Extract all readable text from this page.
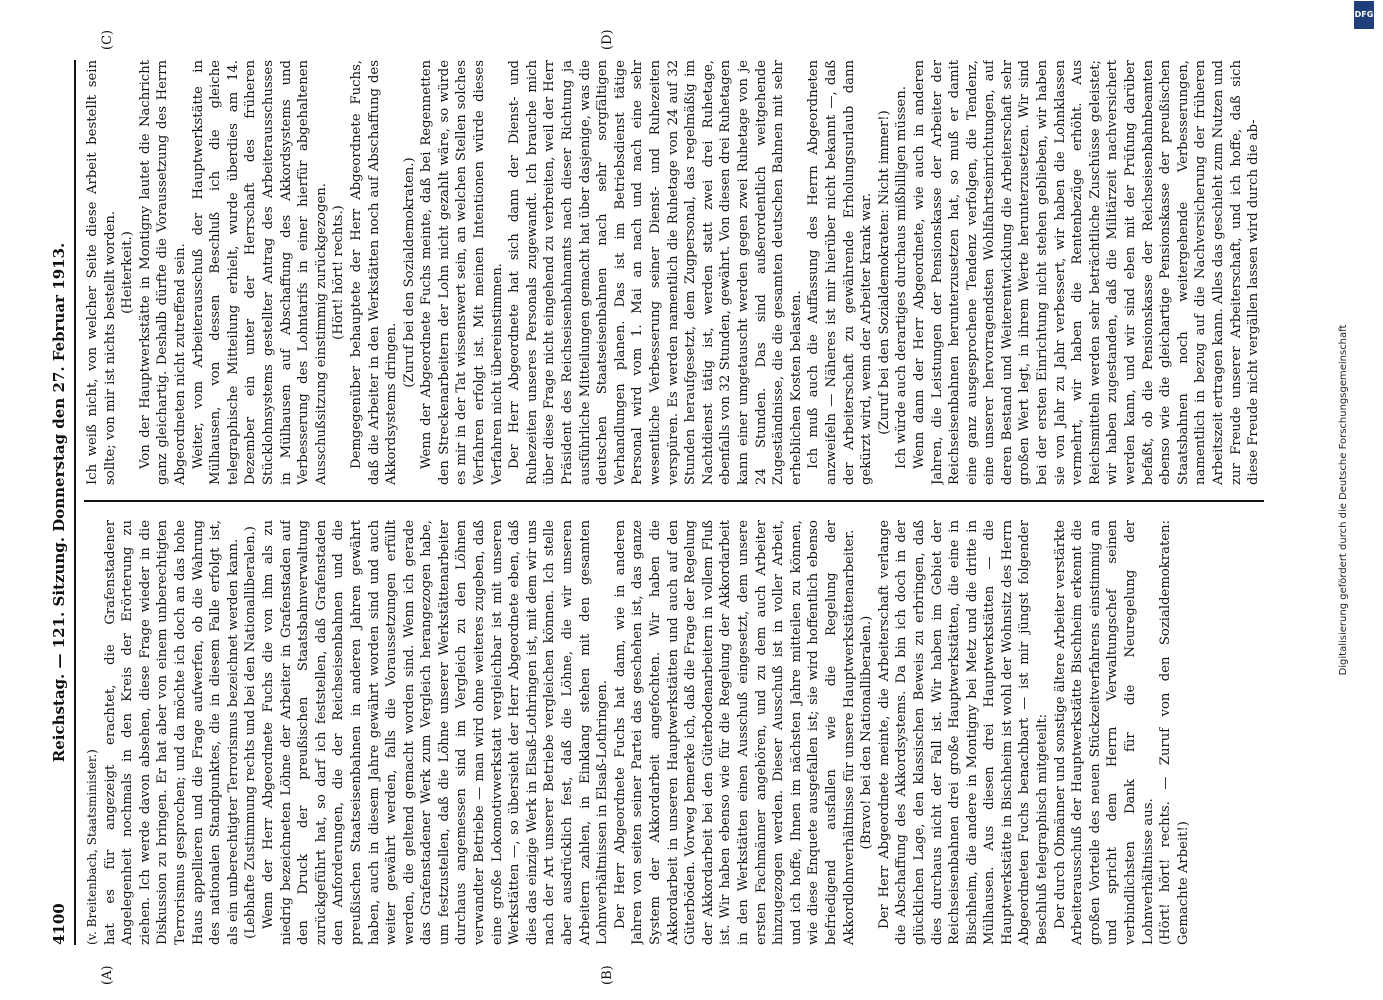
4100
Reichstag. — 121. Sitzung. Donnerstag den 27. Februar 1913.
(A)	(B)
(C)	(D)

(v. Breitenbach, Staatsminister.) hat es für angezeigt erachtet, die Grafenstadener Angelegenheit nochmals in den Kreis der Erörterung zu ziehen. Ich werde davon absehen, diese Frage wieder in die Diskussion zu bringen. Er hat aber von einem unberechtigten Terrorismus gesprochen; und da möchte ich doch an das hohe Haus appellieren und die Frage aufwerfen, ob die Wahrung des nationalen Standpunktes, die in diesem Falle erfolgt ist, als ein unberechtigter Terrorismus bezeichnet werden kann. (Lebhafte Zustimmung rechts und bei den Nationalliberalen.) Wenn der Herr Abgeordnete Fuchs die von ihm als zu niedrig bezeichneten Löhne der Arbeiter in Grafenstaden auf den Druck der preußischen Staatsbahnverwaltung zurückgeführt hat, so darf ich feststellen, daß Grafenstaden den Anforderungen, die der Reichseisenbahnen und die preußischen Staatseisenbahnen in anderen Jahren gewährt haben, auch in diesem Jahre gewährt worden sind und auch weiter gewährt werden, falls die Voraussetzungen erfüllt werden, die geltend gemacht worden sind. Wenn ich gerade das Grafenstadener Werk zum Vergleich herangezogen habe, um festzustellen, daß die Löhne unserer Werkstättenarbeiter durchaus angemessen sind im Vergleich zu den Löhnen verwandter Betriebe — man wird ohne weiteres zugeben, daß eine große Lokomotivwerkstatt vergleichbar ist mit unseren Werkstätten —, so übersieht der Herr Abgeordnete eben, daß dies das einzige Werk in Elsaß-Lothringen ist, mit dem wir uns nach der Art unserer Betriebe vergleichen können. Ich stelle aber ausdrücklich fest, daß die Löhne, die wir unseren Arbeitern zahlen, in Einklang stehen mit den gesamten Lohnverhältnissen in Elsaß-Lothringen. Der Herr Abgeordnete Fuchs hat dann, wie in anderen Jahren von seiten seiner Partei das geschehen ist, das ganze System der Akkordarbeit angefochten. Wir haben die Akkordarbeit in unseren Hauptwerkstätten und auch auf den Güterböden. Vorweg bemerke ich, daß die Frage der Regelung der Akkordarbeit bei den Güterbodenarbeitern in vollem Fluß ist. Wir haben ebenso wie für die Regelung der Akkordarbeit in den Werkstätten einen Ausschuß eingesetzt, dem unsere ersten Fachmänner angehören, und zu dem auch Arbeiter hinzugezogen werden. Dieser Ausschuß ist in voller Arbeit, und ich hoffe, Ihnen im nächsten Jahre mitteilen zu können, wie diese Enquete ausgefallen ist; sie wird hoffentlich ebenso befriedigend ausfallen wie die Regelung der Akkordlohnverhältnisse für unsere Hauptwerkstättenarbeiter. (Bravo! bei den Nationalliberalen.) Der Herr Abgeordnete meinte, die Arbeiterschaft verlange die Abschaffung des Akkordsystems. Da bin ich doch in der glücklichen Lage, den klassischen Beweis zu erbringen, daß dies durchaus nicht der Fall ist. Wir haben im Gebiet der Reichseisenbahnen drei große Hauptwerkstätten, die eine in Bischheim, die andere in Montigny bei Metz und die dritte in Mülhausen. Aus diesen drei Hauptwerkstätten — die Hauptwerkstätte in Bischheim ist wohl der Wohnsitz des Herrn Abgeordneten Fuchs benachbart — ist mir jüngst folgender Beschluß telegraphisch mitgeteilt: Der durch Obmänner und sonstige ältere Arbeiter verstärkte Arbeiterausschuß der Hauptwerkstätte Bischheim erkennt die großen Vorteile des neuen Stückzeitverfahrens einstimmig an und spricht dem Herrn Verwaltungschef seinen verbindlichsten Dank für die Neuregelung der Lohnverhältnisse aus. (Hört! hört! rechts. — Zuruf von den Sozialdemokraten: Gemachte Arbeit!)

Ich weiß nicht, von welcher Seite diese Arbeit bestellt sein sollte; von mir ist nichts bestellt worden. (Heiterkeit.) Von der Hauptwerkstätte in Montigny lautet die Nachricht ganz gleichartig. Deshalb dürfte die Voraussetzung des Herrn Abgeordneten nicht zutreffend sein. Weiter, vom Arbeiterausschuß der Hauptwerkstätte in Mülhausen, von dessen Beschluß ich die gleiche telegraphische Mitteilung erhielt, wurde überdies am 14. Dezember ein unter der Herrschaft des früheren Stücklohnsystems gestellter Antrag des Arbeiterausschusses in Mülhausen auf Abschaffung des Akkordsystems und Verbesserung des Lohntarifs in einer hierfür abgehaltenen Ausschußsitzung einstimmig zurückgezogen. (Hört! hört! rechts.) Demgegenüber behauptete der Herr Abgeordnete Fuchs, daß die Arbeiter in den Werkstätten noch auf Abschaffung des Akkordsystems dringen.

(Zuruf bei den Sozialdemokraten.) Wenn der Abgeordnete Fuchs meinte, daß bei Regennetten den Streckenarbeitern der Lohn nicht gezahlt wäre, so würde es mir in der Tat wissenswert sein, an welchen Stellen solches Verfahren erfolgt ist. Mit meinen Intentionen würde dieses Verfahren nicht übereinstimmen. Der Herr Abgeordnete hat sich dann der Dienst- und Ruhezeiten unseres Personals zugewandt. Ich brauche mich über diese Frage nicht eingehend zu verbreiten, weil der Herr Präsident des Reichseisenbahnamts nach dieser Richtung ja ausführliche Mitteilungen gemacht hat über dasjenige, was die deutschen Staatseisenbahnen nach sehr sorgfältigen Verhandlungen planen. Das ist im Betriebsdienst tätige Personal wird vom 1. Mai an nach und nach eine sehr wesentliche Verbesserung seiner Dienst- und Ruhezeiten verspüren. Es werden namentlich die Ruhetage von 24 auf 32 Stunden heraufgesetzt, dem Zugpersonal, das regelmäßig im Nachtdienst tätig ist, werden statt zwei drei Ruhetage, ebenfalls von 32 Stunden, gewährt. Von diesen drei Ruhetagen kann einer umgetauscht werden gegen zwei Ruhetage von je 24 Stunden. Das sind außerordentlich weitgehende Zugeständnisse, die die gesamten deutschen Bahnen mit sehr erheblichen Kosten belasten. Ich muß auch die Auffassung des Herrn Abgeordneten anzweifeln — Näheres ist mir hierüber nicht bekannt —, daß der Arbeiterschaft zu gewährende Erholungsurlaub dann gekürzt wird, wenn der Arbeiter krank war. (Zuruf bei den Sozialdemokraten: Nicht immer!) Ich würde auch derartiges durchaus mißbilligen müssen. Wenn dann der Herr Abgeordnete, wie auch in anderen Jahren, die Leistungen der Pensionskasse der Arbeiter der Reichseisenbahnen herunterzusetzen hat, so muß er damit eine ganz ausgesprochene Tendenz verfolgen, die Tendenz, eine unserer hervorragendsten Wohlfahrtseinrichtungen, auf deren Bestand und Weiterentwicklung die Arbeiterschaft sehr großen Wert legt, in ihrem Werte herunterzusetzen. Wir sind bei der ersten Einrichtung nicht stehen geblieben, wir haben sie von Jahr zu Jahr verbessert, wir haben die Lohnklassen vermehrt, wir haben die Rentenbezüge erhöht. Aus Reichsmitteln werden sehr beträchtliche Zuschüsse geleistet; wir haben zugestanden, daß die Militärzeit nachversichert werden kann, und wir sind eben mit der Prüfung darüber befaßt, ob die Pensionskasse der Reichseisenbahnbeamten ebenso wie die gleichartige Pensionskasse der preußischen Staatsbahnen noch weitergehende Verbesserungen, namentlich in bezug auf die Nachversicherung der früheren Arbeitszeit ertragen kann. Alles das geschieht zum Nutzen und zur Freude unserer Arbeiterschaft, und ich hoffe, daß sich diese Freude nicht vergällen lassen wird durch die ab-

Digitalisierung gefördert durch die Deutsche Forschungsgemeinschaft
DFG
